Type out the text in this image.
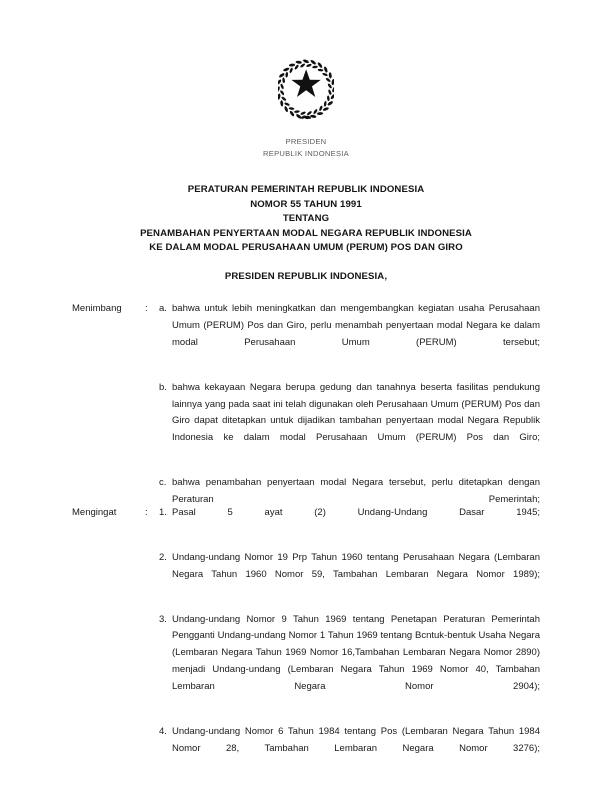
PRESIDEN
REPUBLIK INDONESIA
PERATURAN PEMERINTAH REPUBLIK INDONESIA
NOMOR 55 TAHUN 1991
TENTANG
PENAMBAHAN PENYERTAAN MODAL NEGARA REPUBLIK INDONESIA
KE DALAM MODAL PERUSAHAAN UMUM (PERUM) POS DAN GIRO
PRESIDEN REPUBLIK INDONESIA,
Menimbang	:	a. bahwa untuk lebih meningkatkan dan mengembangkan kegiatan usaha Perusahaan Umum (PERUM) Pos dan Giro, perlu menambah penyertaan modal Negara ke dalam modal Perusahaan Umum (PERUM) tersebut;
b. bahwa kekayaan Negara berupa gedung dan tanahnya beserta fasilitas pendukung lainnya yang pada saat ini telah digunakan oleh Perusahaan Umum (PERUM) Pos dan Giro dapat ditetapkan untuk dijadikan tambahan penyertaan modal Negara Republik Indonesia ke dalam modal Perusahaan Umum (PERUM) Pos dan Giro;
c. bahwa penambahan penyertaan modal Negara tersebut, perlu ditetapkan dengan Peraturan Pemerintah;
Mengingat	:	1. Pasal 5 ayat (2) Undang-Undang Dasar 1945;
2. Undang-undang Nomor 19 Prp Tahun 1960 tentang Perusahaan Negara (Lembaran Negara Tahun 1960 Nomor 59, Tambahan Lembaran Negara Nomor 1989);
3. Undang-undang Nomor 9 Tahun 1969 tentang Penetapan Peraturan Pemerintah Pengganti Undang-undang Nomor 1 Tahun 1969 tentang Bcntuk-bentuk Usaha Negara (Lembaran Negara Tahun 1969 Nomor 16,Tambahan Lembaran Negara Nomor 2890) menjadi Undang-undang (Lembaran Negara Tahun 1969 Nomor 40, Tambahan Lembaran Negara Nomor 2904);
4. Undang-undang Nomor 6 Tahun 1984 tentang Pos (Lembaran Negara Tahun 1984 Nomor 28, Tambahan Lembaran Negara Nomor 3276);
